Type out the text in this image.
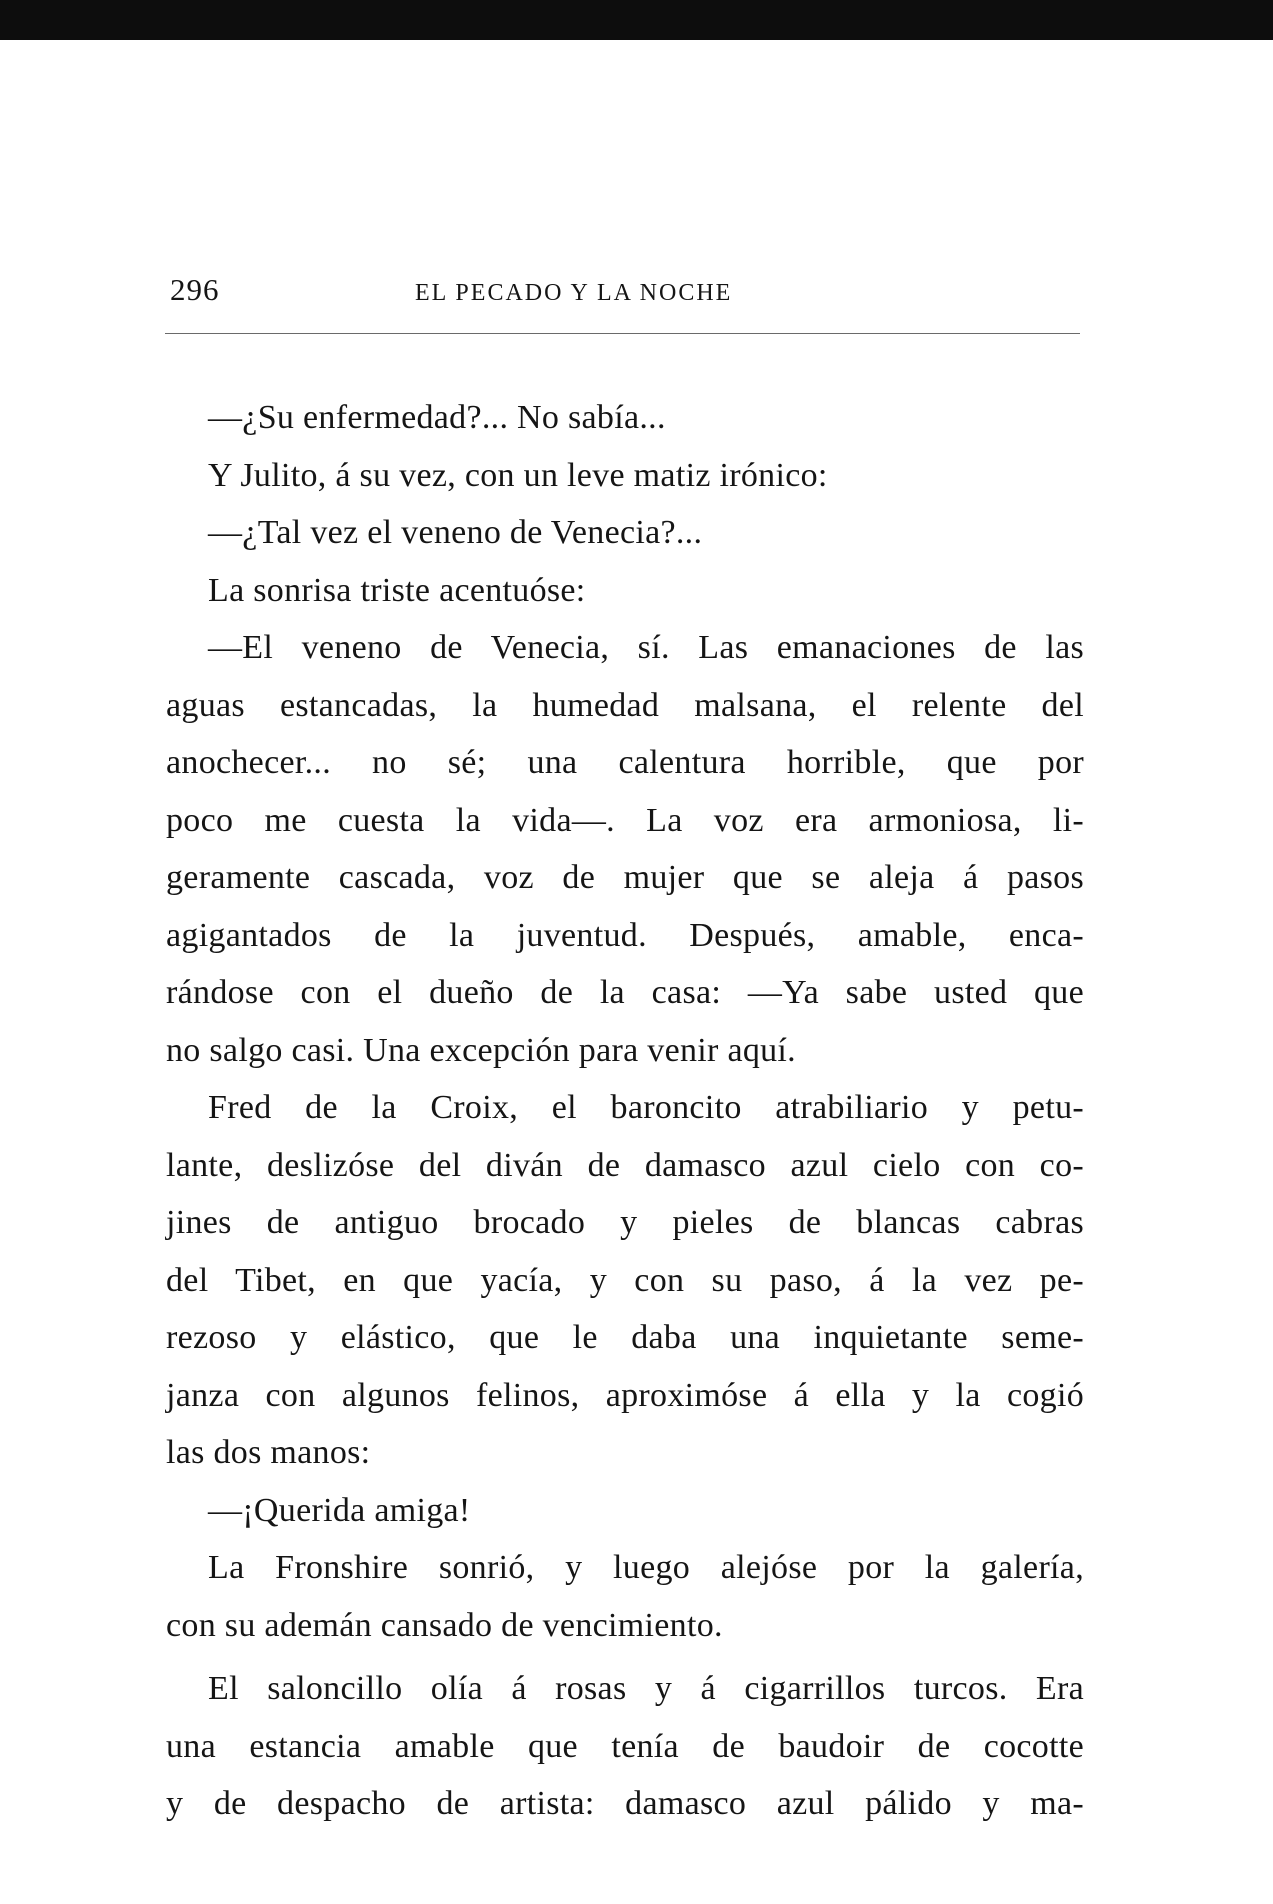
296	EL PECADO Y LA NOCHE
—¿Su enfermedad?... No sabía...
Y Julito, á su vez, con un leve matiz irónico:
—¿Tal vez el veneno de Venecia?...
La sonrisa triste acentuóse:
—El veneno de Venecia, sí. Las emanaciones de las
aguas estancadas, la humedad malsana, el relente del
anochecer... no sé; una calentura horrible, que por
poco me cuesta la vida—. La voz era armoniosa, li-
geramente cascada, voz de mujer que se aleja á pasos
agigantados de la juventud. Después, amable, enca-
rándose con el dueño de la casa: —Ya sabe usted que
no salgo casi. Una excepción para venir aquí.
Fred de la Croix, el baroncito atrabiliario y petu-
lante, deslizóse del diván de damasco azul cielo con co-
jines de antiguo brocado y pieles de blancas cabras
del Tibet, en que yacía, y con su paso, á la vez pe-
rezoso y elástico, que le daba una inquietante seme-
janza con algunos felinos, aproximóse á ella y la cogió
las dos manos:
—¡Querida amiga!
La Fronshire sonrió, y luego alejóse por la galería,
con su ademán cansado de vencimiento.
El saloncillo olía á rosas y á cigarrillos turcos. Era
una estancia amable que tenía de baudoir de cocotte
y de despacho de artista: damasco azul pálido y ma-
